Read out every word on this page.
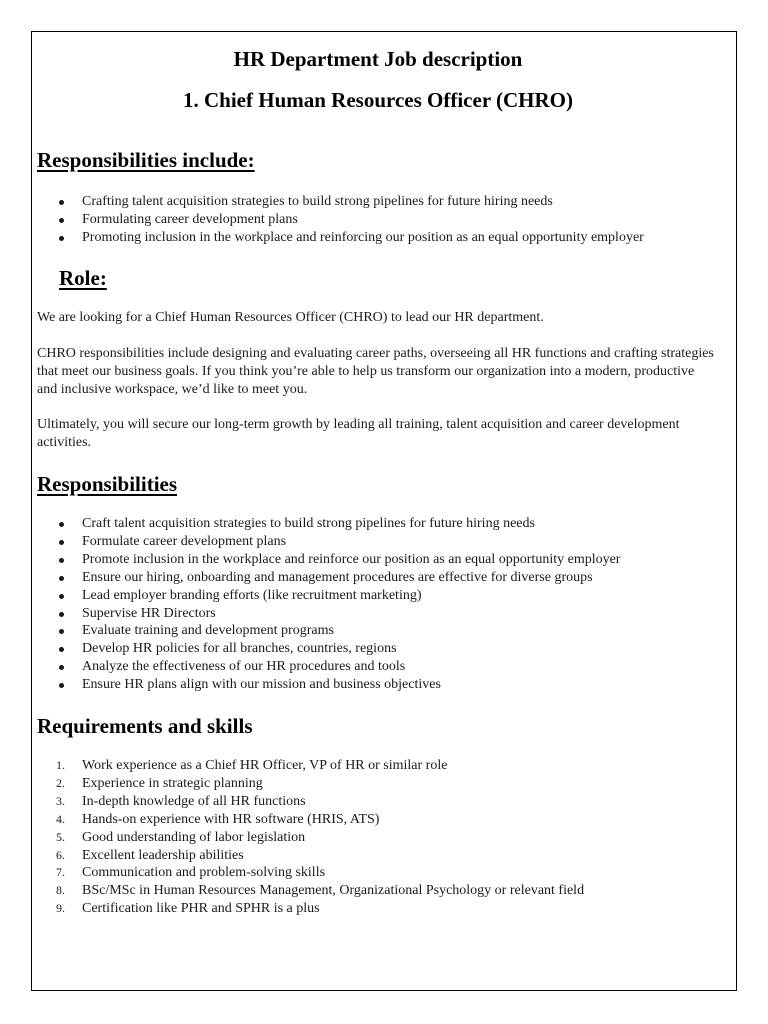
HR Department Job description
1. Chief Human Resources Officer (CHRO)
Responsibilities include:
Crafting talent acquisition strategies to build strong pipelines for future hiring needs
Formulating career development plans
Promoting inclusion in the workplace and reinforcing our position as an equal opportunity employer
Role:

We are looking for a Chief Human Resources Officer (CHRO) to lead our HR department.

CHRO responsibilities include designing and evaluating career paths, overseeing all HR functions and crafting strategies that meet our business goals. If you think you’re able to help us transform our organization into a modern, productive and inclusive workspace, we’d like to meet you.

Ultimately, you will secure our long-term growth by leading all training, talent acquisition and career development activities.

Responsibilities
Craft talent acquisition strategies to build strong pipelines for future hiring needs
Formulate career development plans
Promote inclusion in the workplace and reinforce our position as an equal opportunity employer
Ensure our hiring, onboarding and management procedures are effective for diverse groups
Lead employer branding efforts (like recruitment marketing)
Supervise HR Directors
Evaluate training and development programs
Develop HR policies for all branches, countries, regions
Analyze the effectiveness of our HR procedures and tools
Ensure HR plans align with our mission and business objectives
Requirements and skills
1.	Work experience as a Chief HR Officer, VP of HR or similar role
2.	Experience in strategic planning
3.	In-depth knowledge of all HR functions
4.	Hands-on experience with HR software (HRIS, ATS)
5.	Good understanding of labor legislation
6.	Excellent leadership abilities
7.	Communication and problem-solving skills
8.	BSc/MSc in Human Resources Management, Organizational Psychology or relevant field
9.	Certification like PHR and SPHR is a plus
